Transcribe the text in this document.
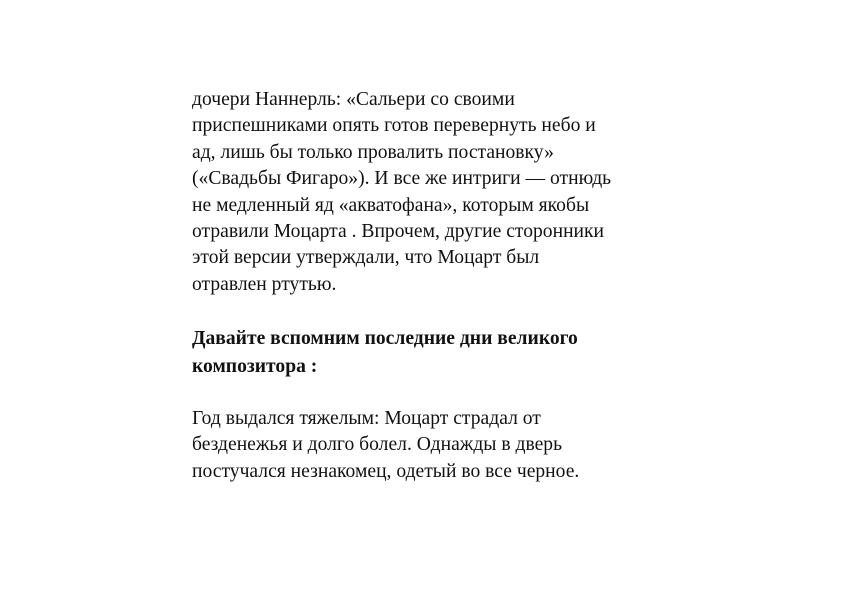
дочери Наннерль: «Сальери со своими
приспешниками опять готов перевернуть небо и
ад, лишь бы только провалить постановку»
(«Свадьбы Фигаро»). И все же интриги — отнюдь
не медленный яд «акватофана», которым якобы
отравили Моцарта . Впрочем, другие сторонники
этой версии утверждали, что Моцарт был
отравлен ртутью.
Давайте вспомним последние дни великого
композитора :
Год выдался тяжелым: Моцарт страдал от
безденежья и долго болел. Однажды в дверь
постучался незнакомец, одетый во все черное.
